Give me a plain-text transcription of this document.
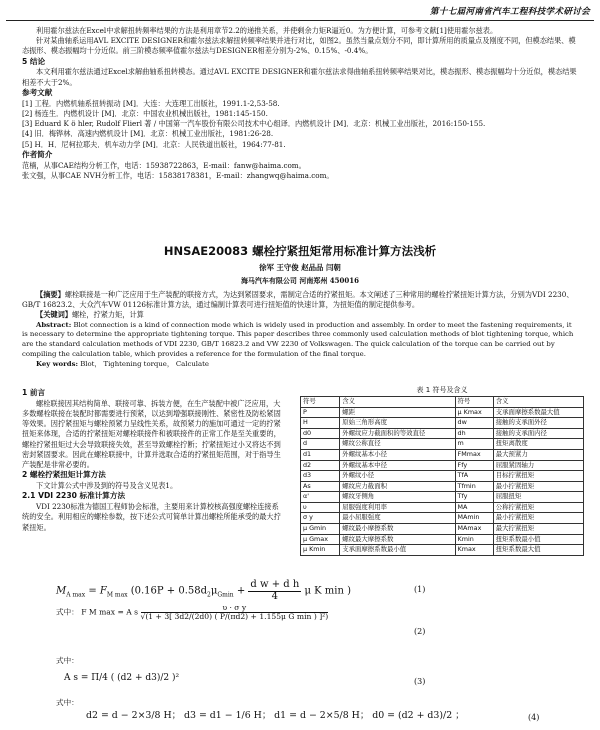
第十七届河南省汽车工程科技学术研讨会

利用霍尔兹法在Excel中求解扭转频率结果的方法是利用章节2.2的递推关系，并使剩余力矩R逼近0。为方便计算，可参考文献[1]使用霍尔兹表。

针对某曲轴系运用AVL EXCITE DESIGNER和霍尔兹法求解扭转频率结果并进行对比，如图2。虽然当量点划分不同，即计算所用的质量点及刚度不同，但模态结果、模态振形、模态振幅均十分近似。前三阶模态频率值霍尔兹法与DESIGNER相差分别为-2%、0.15%、-0.4%。

5 结论

本文利用霍尔兹法通过Excel求解曲轴系扭转模态。通过AVL EXCITE DESIGNER和霍尔兹法求得曲轴系扭转频率结果对比，模态振形、模态振幅均十分近似，模态结果相差不大于2%。

参考文献

[1] 工程．内燃机轴系扭转振动 [M]．大连：大连理工出版社，1991.1-2,53-58.

[2] 杨连生．内燃机设计 [M]．北京：中国农业机械出版社，1981:145-150.

[3] Eduard K ö hler, Rudolf Flierl 著 / 中国第一汽车股份有限公司技术中心组译．内燃机设计 [M]．北京：机械工业出版社，2016:150-155.

[4] 旧．梅铧林．高速内燃机设计 [M]．北京：机械工业出版社，1981:26-28.

[5] H．H．尼柯拉耶夫．机车动力学 [M]．北京：人民铁道出版社，1964:77-81.

作者简介

范楠，从事CAE结构分析工作，电话：15938722863，E-mail：fanw@haima.com。

张文强，从事CAE NVH分析工作，电话：15838178381，E-mail：zhangwq@haima.com。

HNSAE20083 螺栓拧紧扭矩常用标准计算方法浅析
徐军 王守俊 赵品品 闫朝
海马汽车有限公司 河南郑州 450016

【摘要】螺栓联接是一种广泛应用于生产装配的联接方式，为达到紧固要求，需制定合适的拧紧扭矩。本文阐述了三种常用的螺栓拧紧扭矩计算方法，分别为VDI 2230、GB/T 16823.2、大众汽车VW 01126标准计算方法，通过编制计算表可进行扭矩值的快速计算，为扭矩值的制定提供参考。

【关键词】螺栓，拧紧力矩，计算

Abstract: Blot connection is a kind of connection mode which is widely used in production and assembly. In order to meet the fastening requirements, it is necessary to determine the appropriate tightening torque. This paper describes three commonly used calculation methods of blot tightening torque, which are the standard calculation methods of VDI 2230, GB/T 16823.2 and VW 2230 of Volkswagen. The quick calculation of the torque can be carried out by compiling the calculation table, which provides a reference for the formulation of the final torque.

Key words: Blot， Tightening torque， Calculate

1 前言

螺栓联接因其结构简单、联接可靠、拆装方便，在生产装配中被广泛应用，大多数螺栓联接在装配时都需要进行预紧，以达到增强联接刚性、紧密性及防松紧固等效果。因拧紧扭矩与螺栓预紧力呈线性关系，故预紧力的施加可通过一定的拧紧扭矩来体现，合适的拧紧扭矩对螺栓联接件和被联接件的正常工作是至关重要的，螺栓拧紧扭矩过大会导致联接失效，甚至导致螺栓拧断；拧紧扭矩过小又将达不到密封紧固要求。因此在螺栓联接中，计算并选取合适的拧紧扭矩范围，对于指导生产装配是非常必要的。

2 螺栓拧紧扭矩计算方法

下文计算公式中涉及到的符号及含义见表1。

2.1 VDI 2230 标准计算方法

VDI 2230标准为德国工程师协会标准，主要用来计算校核高强度螺栓连接系统的安全。利用相应的螺栓参数，按下述公式可简单计算出螺栓所能承受的最大拧紧扭矩。

表 1 符号及含义
符号	含义	符号	含义
P	螺距	μ Kmax	支承面摩擦系数最大值
H	原始三角形高度	dw	接触的支承面外径
d0	外螺纹应力截面积的等效直径	dh	接触的支承面内径
d	螺纹公称直径	m	扭矩离散度
d1	外螺纹基本小径	FMmax	最大预紧力
d2	外螺纹基本中径	Ffy	屈服紧固轴力
d3	外螺纹小径	TfA	目标拧紧扭矩
As	螺纹应力截面积	Tfmin	最小拧紧扭矩
α'	螺纹牙侧角	Tfy	屈服扭矩
υ	屈服强度利用率	MA	公称拧紧扭矩
σ y	最小屈服强度	MAmin	最小拧紧扭矩
μ Gmin	螺纹最小摩擦系数	MAmax	最大拧紧扭矩
μ Gmax	螺纹最大摩擦系数	Kmin	扭矩系数最小值
μ Kmin	支承面摩擦系数最小值	Kmax	扭矩系数最大值
$M_{A max} = F_{M max}$ ($0.16P + 0.58d_2\mu_{Gmin} + \frac{\text{d w + d h}}{4}$ μ K min )	(1)
式中： F M max = A s $\frac{\text{υ · σ y}}{\text{√(1 + 3[ 3d2/(2d0) ( P/(πd2) + 1.155μ G min ) ]²)}}$
(2)
式中：
A s = Π/4 ( (d2 + d3)/2 )²	(3)
式中：
d2 = d − 2×3/8 H； d3 = d1 − 1/6 H； d1 = d − 2×5/8 H； d0 = (d2 + d3)/2 ；	(4)
